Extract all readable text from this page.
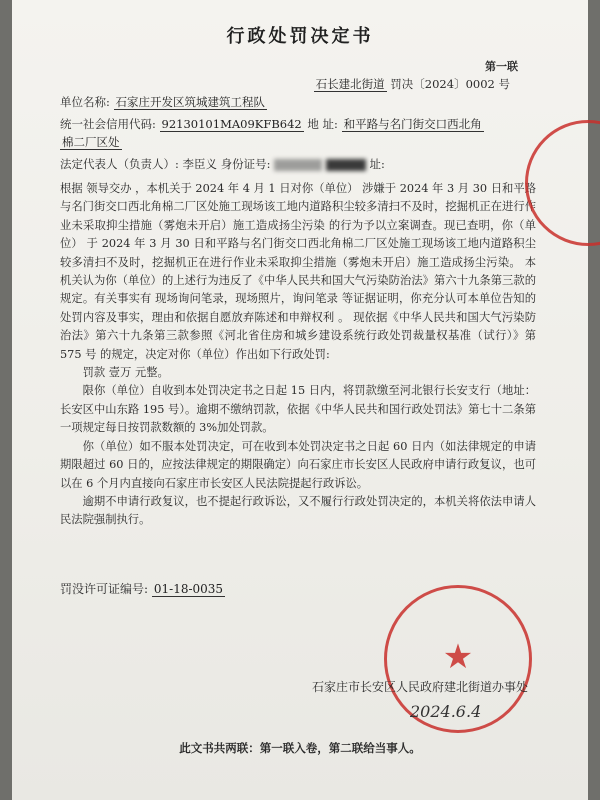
行政处罚决定书
第一联
石长建北街道 罚决〔2024〕0002 号
单位名称: 石家庄开发区筑城建筑工程队
统一社会信用代码: 92130101MA09KFB642 地 址: 和平路与名门街交口西北角
棉二厂区处
法定代表人（负责人）: 李臣义 身份证号:	址:

根据 领导交办 ，本机关于 2024 年 4 月 1 日对你（单位） 涉嫌于 2024 年 3 月 30 日和平路与名门街交口西北角棉二厂区处施工现场该工地内道路积尘较多清扫不及时，挖掘机正在进行作业未采取抑尘措施（雾炮未开启）施工造成扬尘污染 的行为予以立案调查。现已查明，你（单位） 于 2024 年 3 月 30 日和平路与名门街交口西北角棉二厂区处施工现场该工地内道路积尘较多清扫不及时，挖掘机正在进行作业未采取抑尘措施（雾炮未开启）施工造成扬尘污染。 本机关认为你（单位）的上述行为违反了《中华人民共和国大气污染防治法》第六十九条第三款的规定。有关事实有 现场询问笔录，现场照片，询问笔录 等证据证明，你充分认可本单位告知的处罚内容及事实，理由和依据自愿放弃陈述和申辩权利 。 现依据《中华人民共和国大气污染防治法》第六十九条第三款参照《河北省住房和城乡建设系统行政处罚裁量权基准（试行）》第 575 号 的规定，决定对你（单位）作出如下行政处罚:

罚款 壹万 元整。

限你（单位）自收到本处罚决定书之日起 15 日内，将罚款缴至河北银行长安支行（地址：长安区中山东路 195 号）。逾期不缴纳罚款，依据《中华人民共和国行政处罚法》第七十二条第一项规定每日按罚款数额的 3%加处罚款。

你（单位）如不服本处罚决定，可在收到本处罚决定书之日起 60 日内（如法律规定的申请期限超过 60 日的，应按法律规定的期限确定）向石家庄市长安区人民政府申请行政复议，也可以在 6 个月内直接向石家庄市长安区人民法院提起行政诉讼。

逾期不申请行政复议，也不提起行政诉讼，又不履行行政处罚决定的，本机关将依法申请人民法院强制执行。

罚没许可证编号: 01-18-0035
★
石家庄市长安区人民政府建北街道办事处
2024.6.4
此文书共两联：第一联入卷，第二联给当事人。
